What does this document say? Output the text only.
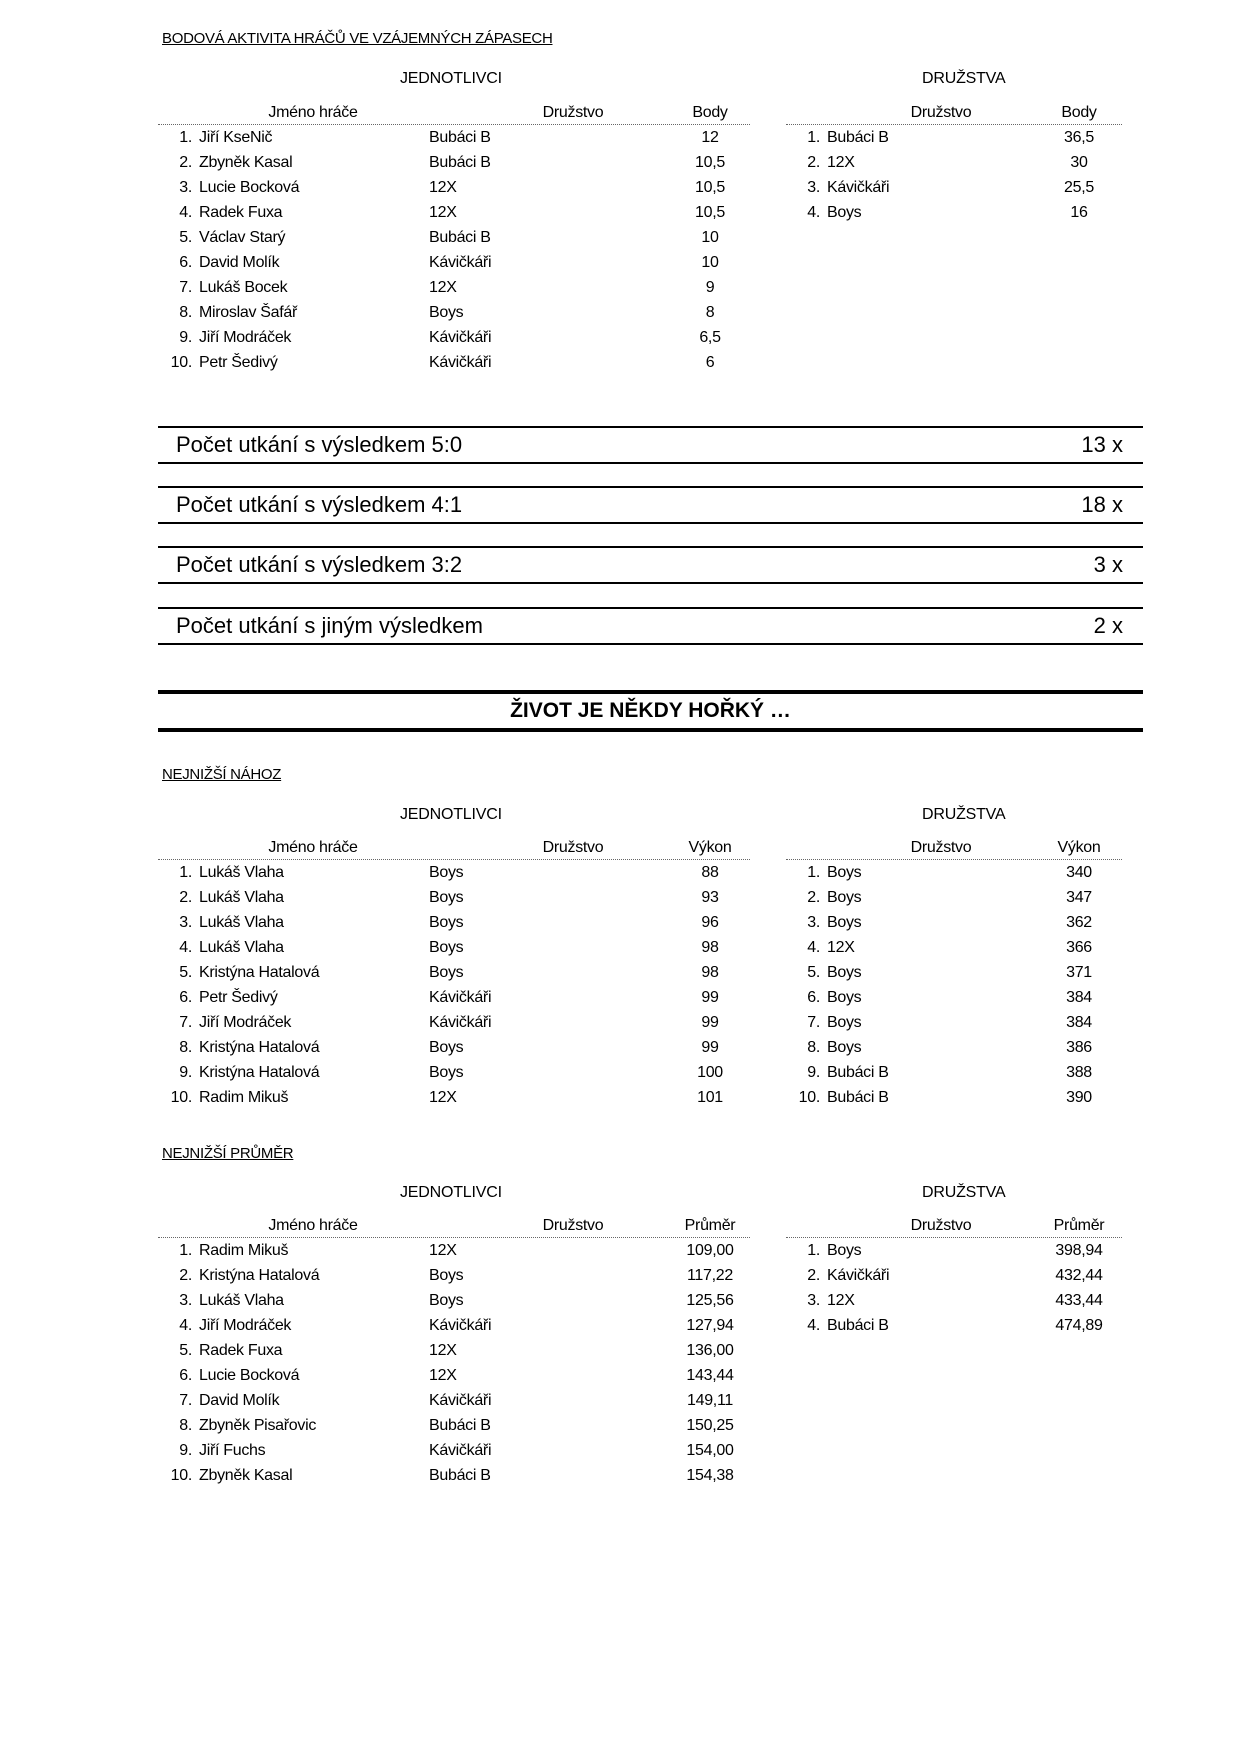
BODOVÁ AKTIVITA HRÁČŮ VE VZÁJEMNÝCH ZÁPASECH
JEDNOTLIVCI	DRUŽSTVA
Jméno hráče	Družstvo	Body
1. Jiří KseNič	Bubáci B	12
2. Zbyněk Kasal	Bubáci B	10,5
3. Lucie Bocková	12X	10,5
4. Radek Fuxa	12X	10,5
5. Václav Starý	Bubáci B	10
6. David Molík	Kávičkáři	10
7. Lukáš Bocek	12X	9
8. Miroslav Šafář	Boys	8
9. Jiří Modráček	Kávičkáři	6,5
10. Petr Šedivý	Kávičkáři	6
Družstvo	Body
1. Bubáci B	36,5
2. 12X	30
3. Kávičkáři	25,5
4. Boys	16
Počet utkání s výsledkem 5:0	13 x
Počet utkání s výsledkem 4:1	18 x
Počet utkání s výsledkem 3:2	3 x
Počet utkání s jiným výsledkem	2 x
ŽIVOT JE NĚKDY HOŘKÝ …
NEJNIŽŠÍ NÁHOZ
JEDNOTLIVCI	DRUŽSTVA
Jméno hráče	Družstvo	Výkon
1. Lukáš Vlaha	Boys	88
2. Lukáš Vlaha	Boys	93
3. Lukáš Vlaha	Boys	96
4. Lukáš Vlaha	Boys	98
5. Kristýna Hatalová	Boys	98
6. Petr Šedivý	Kávičkáři	99
7. Jiří Modráček	Kávičkáři	99
8. Kristýna Hatalová	Boys	99
9. Kristýna Hatalová	Boys	100
10. Radim Mikuš	12X	101
Družstvo	Výkon
1. Boys	340
2. Boys	347
3. Boys	362
4. 12X	366
5. Boys	371
6. Boys	384
7. Boys	384
8. Boys	386
9. Bubáci B	388
10. Bubáci B	390
NEJNIŽŠÍ PRŮMĚR
JEDNOTLIVCI	DRUŽSTVA
Jméno hráče	Družstvo	Průměr
1. Radim Mikuš	12X	109,00
2. Kristýna Hatalová	Boys	117,22
3. Lukáš Vlaha	Boys	125,56
4. Jiří Modráček	Kávičkáři	127,94
5. Radek Fuxa	12X	136,00
6. Lucie Bocková	12X	143,44
7. David Molík	Kávičkáři	149,11
8. Zbyněk Pisařovic	Bubáci B	150,25
9. Jiří Fuchs	Kávičkáři	154,00
10. Zbyněk Kasal	Bubáci B	154,38
Družstvo	Průměr
1. Boys	398,94
2. Kávičkáři	432,44
3. 12X	433,44
4. Bubáci B	474,89
